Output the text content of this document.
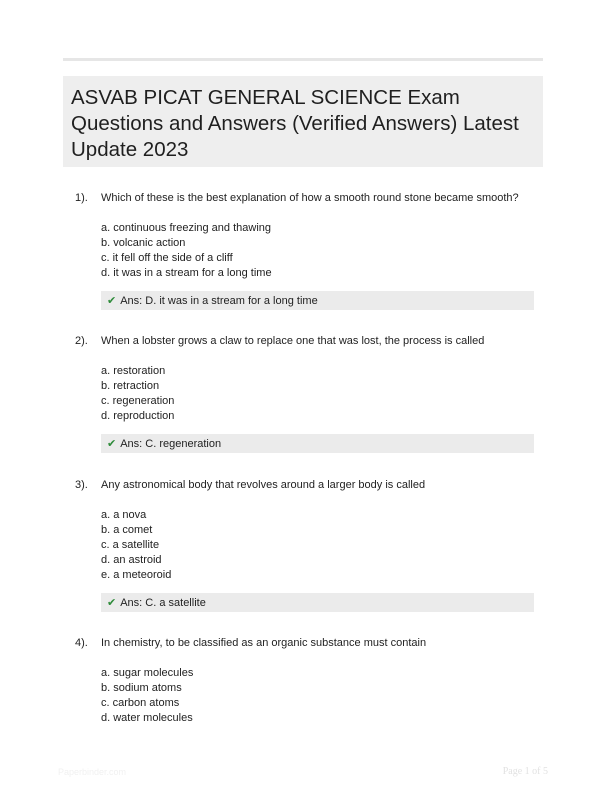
ASVAB PICAT GENERAL SCIENCE Exam Questions and Answers (Verified Answers) Latest Update 2023
1). Which of these is the best explanation of how a smooth round stone became smooth?
a. continuous freezing and thawing
b. volcanic action
c. it fell off the side of a cliff
d. it was in a stream for a long time
✔ Ans: D. it was in a stream for a long time
2). When a lobster grows a claw to replace one that was lost, the process is called
a. restoration
b. retraction
c. regeneration
d. reproduction
✔ Ans: C. regeneration
3). Any astronomical body that revolves around a larger body is called
a. a nova
b. a comet
c. a satellite
d. an astroid
e. a meteoroid
✔ Ans: C. a satellite
4). In chemistry, to be classified as an organic substance must contain
a. sugar molecules
b. sodium atoms
c. carbon atoms
d. water molecules
Paperbinder.com	Page 1 of 5
